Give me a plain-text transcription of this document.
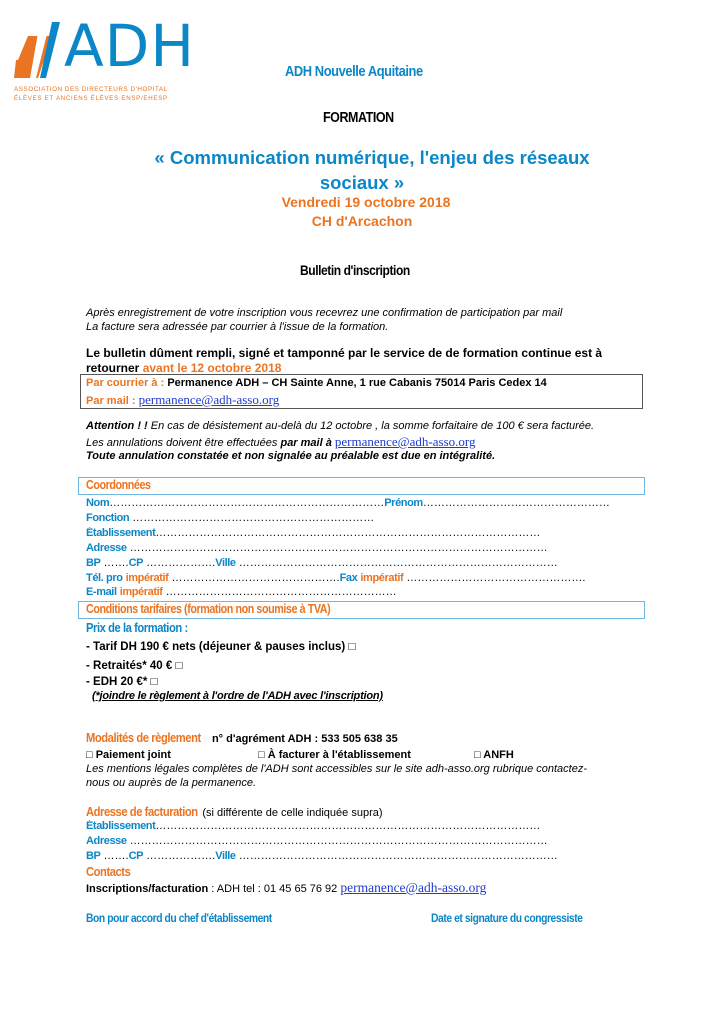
ADH
ASSOCIATION DES DIRECTEURS D'HOPITAL
ÉLÈVES ET ANCIENS ÉLÈVES ENSP/EHESP
ADH Nouvelle Aquitaine
FORMATION
« Communication numérique, l'enjeu des réseaux
sociaux »
Vendredi 19 octobre 2018
CH d'Arcachon
Bulletin d'inscription
Après enregistrement de votre inscription vous recevrez une confirmation de participation par mail
La facture sera adressée par courrier à l'issue de la formation.
Le bulletin dûment rempli, signé et tamponné par le service de de formation continue est à
retourner avant le 12 octobre 2018
Par courrier à : Permanence ADH – CH Sainte Anne, 1 rue Cabanis 75014 Paris Cedex 14
Par mail : permanence@adh-asso.org
Attention ! ! En cas de désistement au-delà du 12 octobre , la somme forfaitaire de 100 € sera facturée.
Les annulations doivent être effectuées par mail à permanence@adh-asso.org
Toute annulation constatée et non signalée au préalable est due en intégralité.
Coordonnées
Nom…………………………………………………………………Prénom……………………………………………
Fonction …………………………………………………………
Établissement……………………………………………………………………………………………
Adresse ……………………………………………………………………………………………………
BP …….CP ……………….Ville ……………………………………………………………………………
Tél. pro impératif ……………………………………….Fax impératif ………………………………………….
E-mail impératif ………………………………………………………
Conditions tarifaires (formation non soumise à TVA)
Prix de la formation :
- Tarif DH 190 € nets (déjeuner & pauses inclus) □
- Retraités* 40 € □
- EDH 20 €* □
(*joindre le règlement à l'ordre de l'ADH avec l'inscription)
Modalités de règlement n° d'agrément ADH : 533 505 638 35
□ Paiement joint	□ À facturer à l'établissement	□ ANFH
Les mentions légales complètes de l'ADH sont accessibles sur le site adh-asso.org rubrique contactez-
nous ou auprès de la permanence.
Adresse de facturation (si différente de celle indiquée supra)
Établissement……………………………………………………………………………………………
Adresse ……………………………………………………………………………………………………
BP …….CP ……………….Ville ……………………………………………………………………………
Contacts
Inscriptions/facturation : ADH tel : 01 45 65 76 92 permanence@adh-asso.org
Bon pour accord du chef d'établissement	Date et signature du congressiste
